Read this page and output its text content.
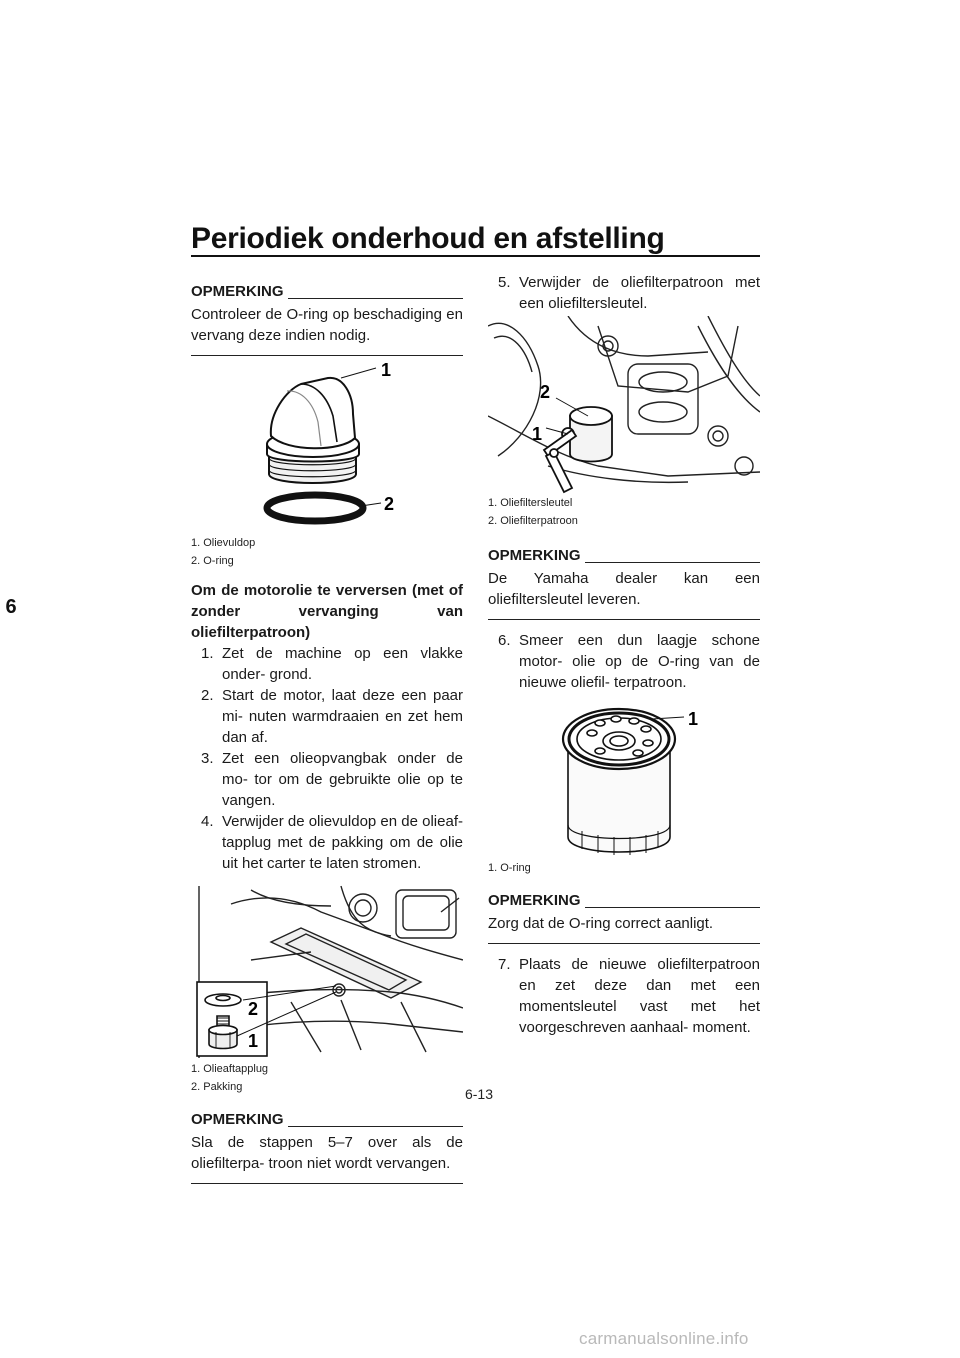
Periodiek onderhoud en afstelling
6
OPMERKING
Controleer de O-ring op beschadiging en vervang deze indien nodig.
1
2
1. Olievuldop
2. O-ring
Om de motorolie te verversen (met of zonder vervanging van oliefilterpatroon)
1. Zet de machine op een vlakke onder- grond.
2. Start de motor, laat deze een paar mi- nuten warmdraaien en zet hem dan af.
3. Zet een olieopvangbak onder de mo- tor om de gebruikte olie op te vangen.
4. Verwijder de olievuldop en de olieaf- tapplug met de pakking om de olie uit het carter te laten stromen.
2
1
1. Olieaftapplug
2. Pakking
OPMERKING
Sla de stappen 5–7 over als de oliefilterpa- troon niet wordt vervangen.
5. Verwijder de oliefilterpatroon met een oliefiltersleutel.
2
1
1. Oliefiltersleutel
2. Oliefilterpatroon
OPMERKING
De Yamaha dealer kan een oliefiltersleutel leveren.
6. Smeer een dun laagje schone motor- olie op de O-ring van de nieuwe oliefil- terpatroon.
1
1. O-ring
OPMERKING
Zorg dat de O-ring correct aanligt.
7. Plaats de nieuwe oliefilterpatroon en zet deze dan met een momentsleutel vast met het voorgeschreven aanhaal- moment.
6-13
carmanualsonline.info
